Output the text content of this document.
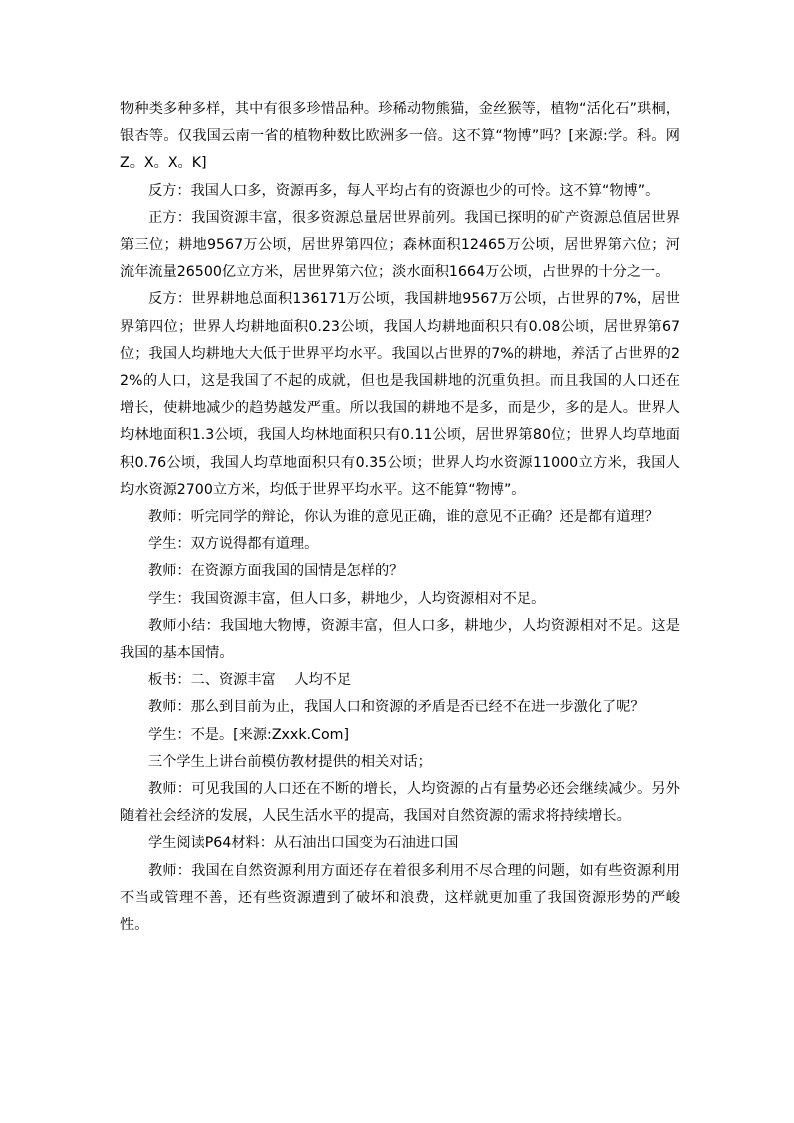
物种类多种多样，其中有很多珍惜品种。珍稀动物熊猫，金丝猴等，植物“活化石”珙桐，银杏等。仅我国云南一省的植物种数比欧洲多一倍。这不算“物博”吗？[来源:学。科。网Z。X。X。K]

反方：我国人口多，资源再多，每人平均占有的资源也少的可怜。这不算“物博”。

正方：我国资源丰富，很多资源总量居世界前列。我国已探明的矿产资源总值居世界第三位；耕地9567万公顷，居世界第四位；森林面积12465万公顷，居世界第六位；河流年流量26500亿立方米，居世界第六位；淡水面积1664万公顷，占世界的十分之一。

反方：世界耕地总面积136171万公顷，我国耕地9567万公顷，占世界的7%，居世界第四位；世界人均耕地面积0.23公顷，我国人均耕地面积只有0.08公顷，居世界第67位；我国人均耕地大大低于世界平均水平。我国以占世界的7%的耕地，养活了占世界的22%的人口，这是我国了不起的成就，但也是我国耕地的沉重负担。而且我国的人口还在增长，使耕地减少的趋势越发严重。所以我国的耕地不是多，而是少，多的是人。世界人均林地面积1.3公顷，我国人均林地面积只有0.11公顷，居世界第80位；世界人均草地面积0.76公顷，我国人均草地面积只有0.35公顷；世界人均水资源11000立方米，我国人均水资源2700立方米，均低于世界平均水平。这不能算“物博”。

教师：听完同学的辩论，你认为谁的意见正确，谁的意见不正确？还是都有道理？

学生：双方说得都有道理。

教师：在资源方面我国的国情是怎样的？

学生：我国资源丰富，但人口多，耕地少，人均资源相对不足。

教师小结：我国地大物博，资源丰富，但人口多，耕地少，人均资源相对不足。这是我国的基本国情。

板书：二、资源丰富　 人均不足

教师：那么到目前为止，我国人口和资源的矛盾是否已经不在进一步激化了呢？

学生：不是。[来源:Zxxk.Com]

三个学生上讲台前模仿教材提供的相关对话；

教师：可见我国的人口还在不断的增长，人均资源的占有量势必还会继续减少。另外随着社会经济的发展，人民生活水平的提高，我国对自然资源的需求将持续增长。

学生阅读P64材料：从石油出口国变为石油进口国

教师：我国在自然资源利用方面还存在着很多利用不尽合理的问题，如有些资源利用不当或管理不善，还有些资源遭到了破坏和浪费，这样就更加重了我国资源形势的严峻性。
